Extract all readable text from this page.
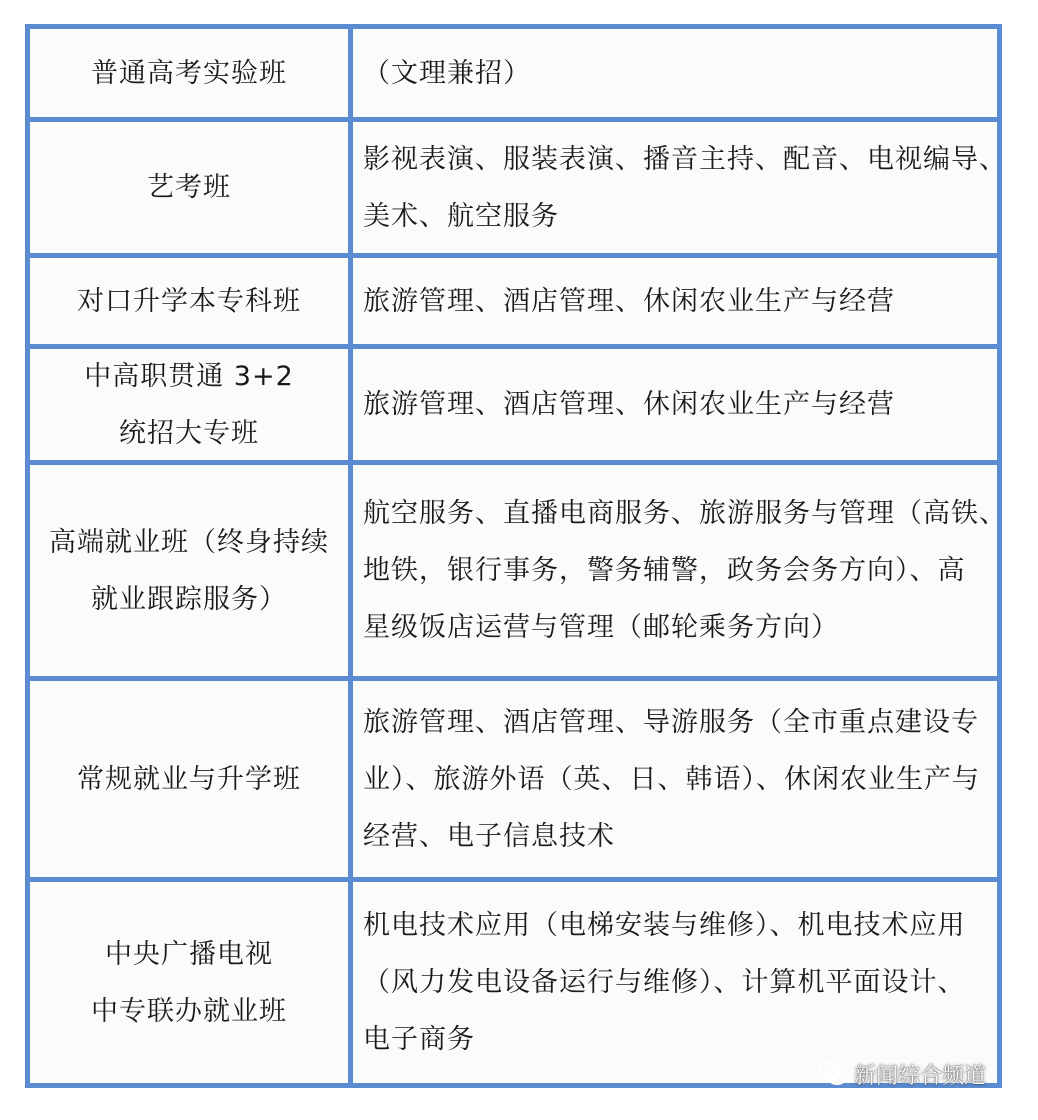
普通高考实验班	（文理兼招）
艺考班
影视表演、服装表演、播音主持、配音、电视编导、
美术、航空服务
对口升学本专科班 旅游管理、酒店管理、休闲农业生产与经营
中高职贯通 3+2
统招大专班
旅游管理、酒店管理、休闲农业生产与经营
高端就业班（终身持续
就业跟踪服务）
航空服务、直播电商服务、旅游服务与管理（高铁、
地铁，银行事务，警务辅警，政务会务方向）、高
星级饭店运营与管理（邮轮乘务方向）
常规就业与升学班
旅游管理、酒店管理、导游服务（全市重点建设专
业）、旅游外语（英、日、韩语）、休闲农业生产与
经营、电子信息技术
中央广播电视
中专联办就业班
机电技术应用（电梯安装与维修）、机电技术应用
（风力发电设备运行与维修）、计算机平面设计、
电子商务
新闻综合频道
